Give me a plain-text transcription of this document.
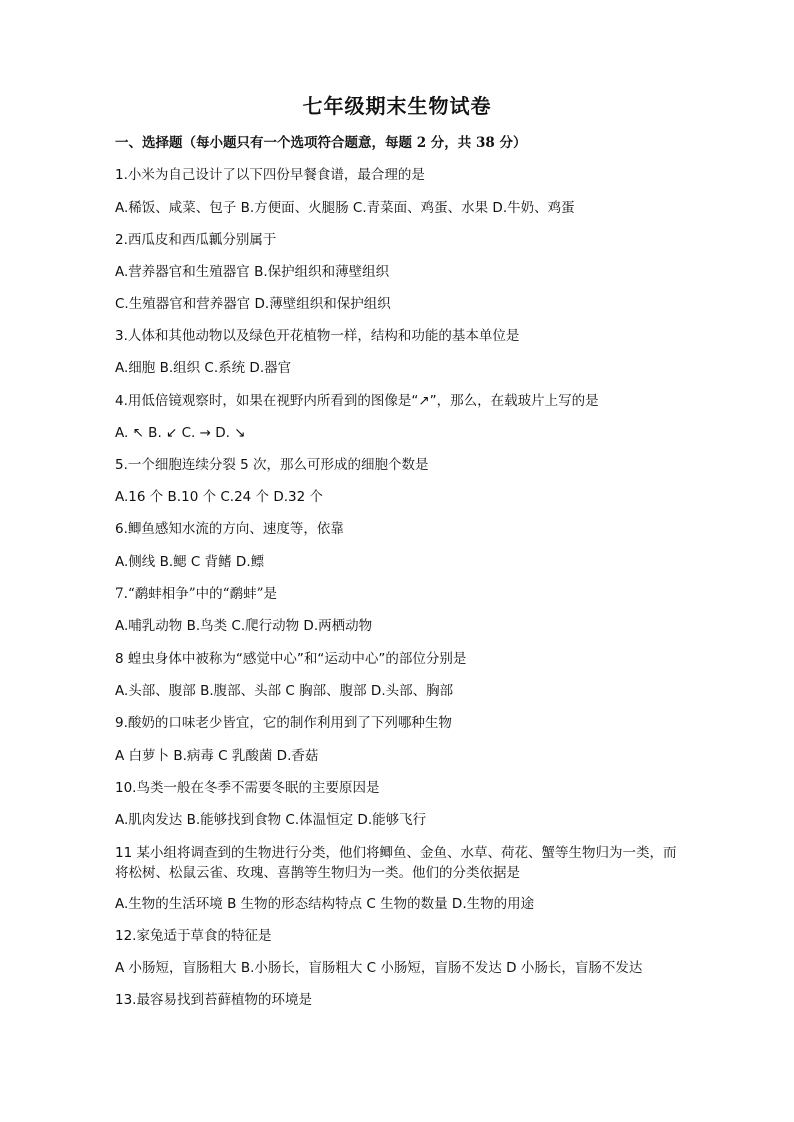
七年级期末生物试卷
一、选择题（每小题只有一个选项符合题意，每题 2 分，共 38 分）
1.小米为自己设计了以下四份早餐食谱，最合理的是
A.稀饭、咸菜、包子 B.方便面、火腿肠 C.青菜面、鸡蛋、水果 D.牛奶、鸡蛋
2.西瓜皮和西瓜瓤分别属于
A.营养器官和生殖器官 B.保护组织和薄壁组织
C.生殖器官和营养器官 D.薄壁组织和保护组织
3.人体和其他动物以及绿色开花植物一样，结构和功能的基本单位是
A.细胞 B.组织 C.系统 D.器官
4.用低倍镜观察时，如果在视野内所看到的图像是“↗”，那么，在载玻片上写的是
A. ↖ B. ↙ C. → D. ↘
5.一个细胞连续分裂 5 次，那么可形成的细胞个数是
A.16 个 B.10 个 C.24 个 D.32 个
6.鲫鱼感知水流的方向、速度等，依靠
A.侧线 B.鳃 C 背鳍 D.鳔
7.“鹬蚌相争”中的“鹬蚌”是
A.哺乳动物 B.鸟类 C.爬行动物 D.两栖动物
8 蝗虫身体中被称为“感觉中心”和“运动中心”的部位分别是
A.头部、腹部 B.腹部、头部 C 胸部、腹部 D.头部、胸部
9.酸奶的口味老少皆宜，它的制作利用到了下列哪种生物
A 白萝卜 B.病毒 C 乳酸菌 D.香菇
10.鸟类一般在冬季不需要冬眠的主要原因是
A.肌肉发达 B.能够找到食物 C.体温恒定 D.能够飞行
11 某小组将调查到的生物进行分类，他们将鲫鱼、金鱼、水草、荷花、蟹等生物归为一类，而将松树、松鼠云雀、玫瑰、喜鹊等生物归为一类。他们的分类依据是
A.生物的生活环境 B 生物的形态结构特点 C 生物的数量 D.生物的用途
12.家兔适于草食的特征是
A 小肠短，盲肠粗大 B.小肠长，盲肠粗大 C 小肠短，盲肠不发达 D 小肠长，盲肠不发达
13.最容易找到苔藓植物的环境是
